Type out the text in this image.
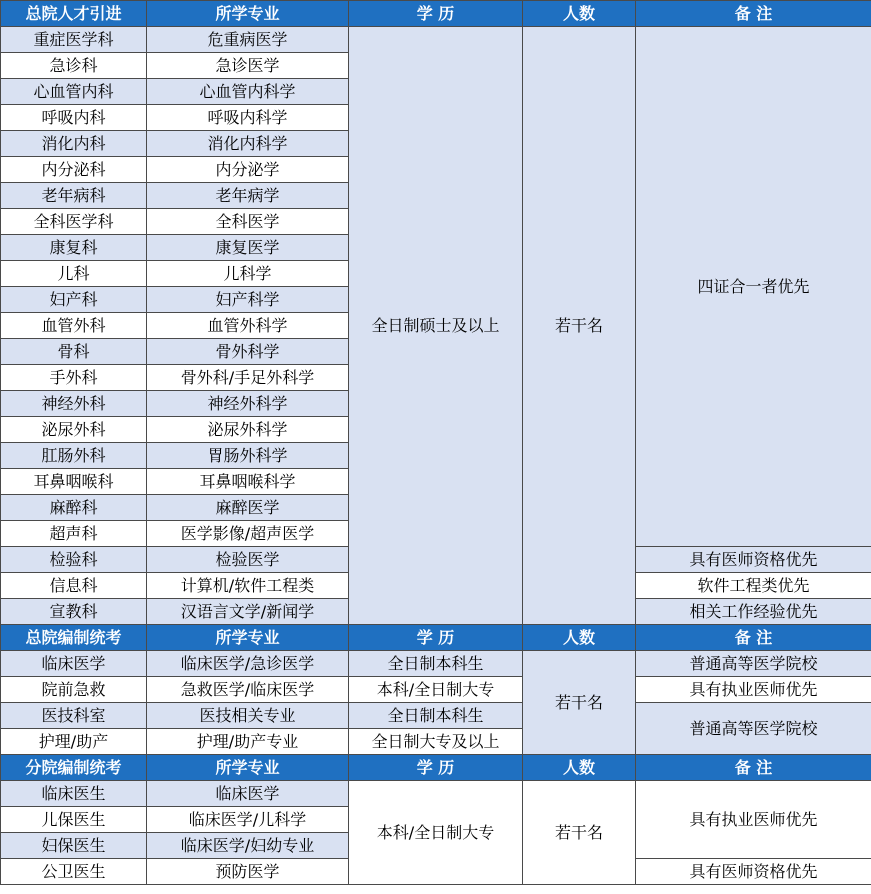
总院人才引进	所学专业	学 历	人数	备 注
重症医学科	危重病医学	全日制硕士及以上	若干名	四证合一者优先
急诊科	急诊医学			
心血管内科	心血管内科学			
呼吸内科	呼吸内科学			
消化内科	消化内科学			
内分泌科	内分泌学			
老年病科	老年病学			
全科医学科	全科医学			
康复科	康复医学			
儿科	儿科学			
妇产科	妇产科学			
血管外科	血管外科学			
骨科	骨外科学			
手外科	骨外科/手足外科学			
神经外科	神经外科学			
泌尿外科	泌尿外科学			
肛肠外科	胃肠外科学			
耳鼻咽喉科	耳鼻咽喉科学			
麻醉科	麻醉医学			
超声科	医学影像/超声医学			
检验科	检验医学			具有医师资格优先
信息科	计算机/软件工程类			软件工程类优先
宣教科	汉语言文学/新闻学			相关工作经验优先
总院编制统考	所学专业	学 历	人数	备 注
临床医学	临床医学/急诊医学	全日制本科生	若干名	普通高等医学院校
院前急救	急救医学/临床医学	本科/全日制大专		具有执业医师优先
医技科室	医技相关专业	全日制本科生		普通高等医学院校
护理/助产	护理/助产专业	全日制大专及以上		
分院编制统考	所学专业	学 历	人数	备 注
临床医生	临床医学	本科/全日制大专	若干名	具有执业医师优先
儿保医生	临床医学/儿科学			
妇保医生	临床医学/妇幼专业			
公卫医生	预防医学			具有医师资格优先
